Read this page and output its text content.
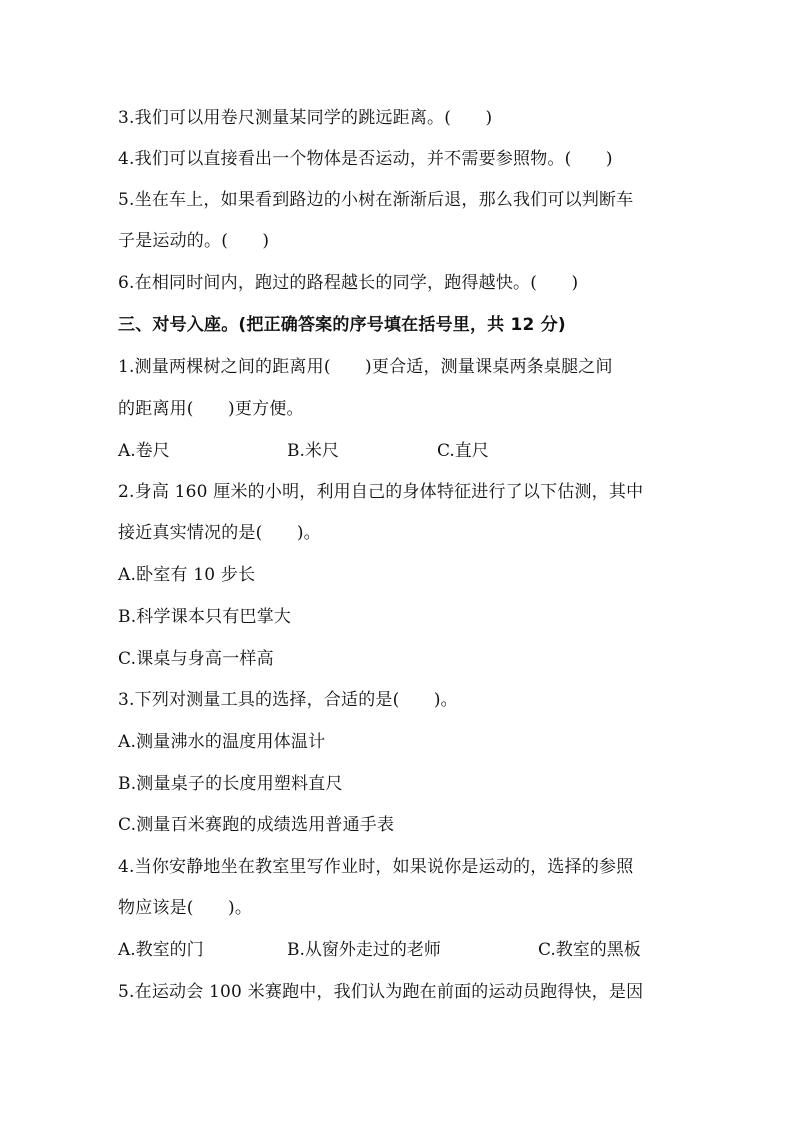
3.我们可以用卷尺测量某同学的跳远距离。(　　)
4.我们可以直接看出一个物体是否运动，并不需要参照物。(　　)
5.坐在车上，如果看到路边的小树在渐渐后退，那么我们可以判断车
子是运动的。(　　)
6.在相同时间内，跑过的路程越长的同学，跑得越快。(　　)
三、对号入座。(把正确答案的序号填在括号里，共 12 分)
1.测量两棵树之间的距离用(　　)更合适，测量课桌两条桌腿之间
的距离用(　　)更方便。
A.卷尺	B.米尺	C.直尺
2.身高 160 厘米的小明，利用自己的身体特征进行了以下估测，其中
接近真实情况的是(　　)。
A.卧室有 10 步长
B.科学课本只有巴掌大
C.课桌与身高一样高
3.下列对测量工具的选择，合适的是(　　)。
A.测量沸水的温度用体温计
B.测量桌子的长度用塑料直尺
C.测量百米赛跑的成绩选用普通手表
4.当你安静地坐在教室里写作业时，如果说你是运动的，选择的参照
物应该是(　　)。
A.教室的门	B.从窗外走过的老师	C.教室的黑板
5.在运动会 100 米赛跑中，我们认为跑在前面的运动员跑得快，是因
